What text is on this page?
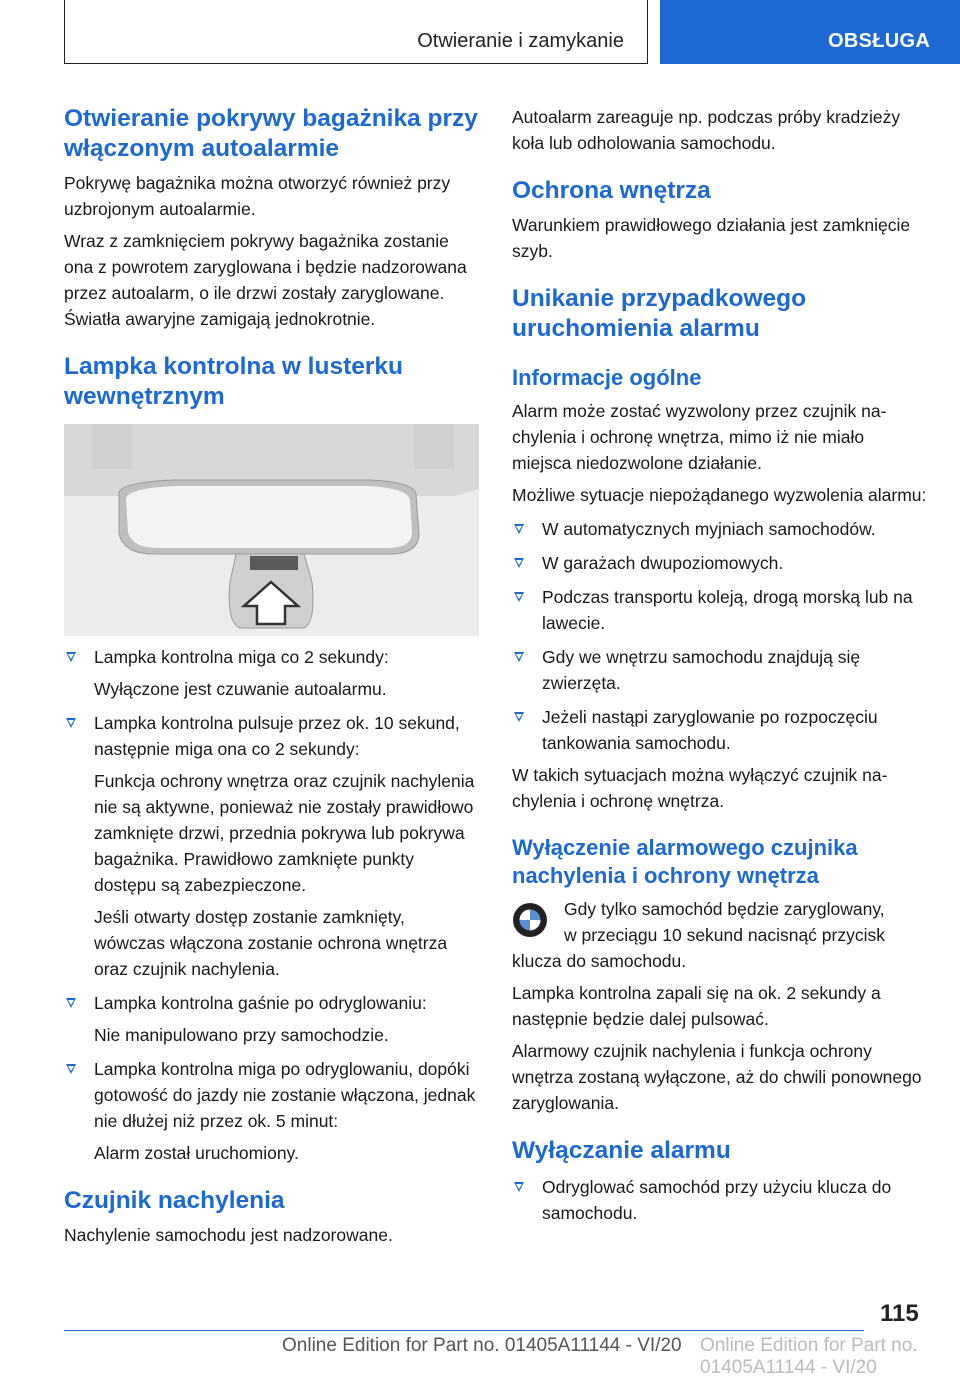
Otwieranie i zamykanie	OBSŁUGA
Otwieranie pokrywy bagażnika przy włączonym autoalarmie

Pokrywę bagażnika można otworzyć również przy uzbrojonym autoalarmie.

Wraz z zamknięciem pokrywy bagażnika zostanie ona z powrotem zaryglowana i będzie nadzorowana przez autoalarm, o ile drzwi zostały zaryglowane. Światła awaryjne zamigają jednokrotnie.

Lampka kontrolna w lusterku wewnętrznym
Lampka kontrolna miga co 2 sekundy:

Wyłączone jest czuwanie autoalarmu.

Lampka kontrolna pulsuje przez ok. 10 sekund, następnie miga ona co 2 sekundy:

Funkcja ochrony wnętrza oraz czujnik nachylenia nie są aktywne, ponieważ nie zostały prawidłowo zamknięte drzwi, przednia pokrywa lub pokrywa bagażnika. Prawidłowo zamknięte punkty dostępu są zabezpieczone.

Jeśli otwarty dostęp zostanie zamknięty, wówczas włączona zostanie ochrona wnętrza oraz czujnik nachylenia.

Lampka kontrolna gaśnie po odryglowaniu:

Nie manipulowano przy samochodzie.

Lampka kontrolna miga po odryglowaniu, dopóki gotowość do jazdy nie zostanie włączona, jednak nie dłużej niż przez ok. 5 minut:

Alarm został uruchomiony.

Czujnik nachylenia

Nachylenie samochodu jest nadzorowane.

Autoalarm zareaguje np. podczas próby kradzieży koła lub odholowania samochodu.

Ochrona wnętrza

Warunkiem prawidłowego działania jest zamknięcie szyb.

Unikanie przypadkowego uruchomienia alarmu
Informacje ogólne

Alarm może zostać wyzwolony przez czujnik nachylenia i ochronę wnętrza, mimo iż nie miało miejsca niedozwolone działanie.

Możliwe sytuacje niepożądanego wyzwolenia alarmu:

W automatycznych myjniach samochodów.
W garażach dwupoziomowych.
Podczas transportu koleją, drogą morską lub na lawecie.
Gdy we wnętrzu samochodu znajdują się zwierzęta.
Jeżeli nastąpi zaryglowanie po rozpoczęciu tankowania samochodu.

W takich sytuacjach można wyłączyć czujnik nachylenia i ochronę wnętrza.

Wyłączenie alarmowego czujnika nachylenia i ochrony wnętrza

Gdy tylko samochód będzie zaryglowany,

w przeciągu 10 sekund nacisnąć przycisk

klucza do samochodu.

Lampka kontrolna zapali się na ok. 2 sekundy a następnie będzie dalej pulsować.

Alarmowy czujnik nachylenia i funkcja ochrony wnętrza zostaną wyłączone, aż do chwili ponownego zaryglowania.

Wyłączanie alarmu
Odryglować samochód przy użyciu klucza do samochodu.
115
Online Edition for Part no. 01405A11144 - VI/20 Online Edition for Part no. 01405A11144 - VI/20
